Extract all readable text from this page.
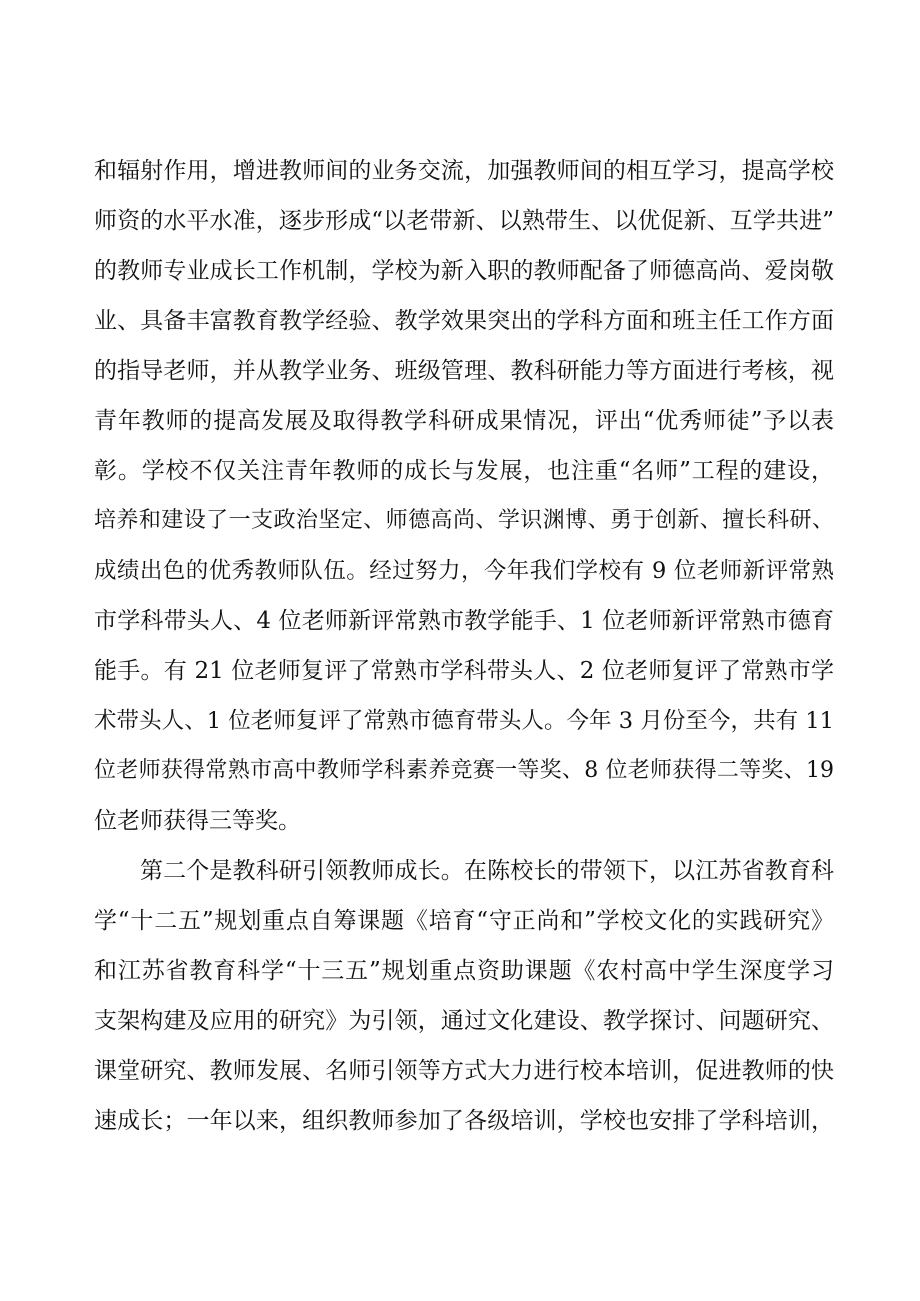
和辐射作用，增进教师间的业务交流，加强教师间的相互学习，提高学校
师资的水平水准，逐步形成“以老带新、以熟带生、以优促新、互学共进”
的教师专业成长工作机制，学校为新入职的教师配备了师德高尚、爱岗敬
业、具备丰富教育教学经验、教学效果突出的学科方面和班主任工作方面
的指导老师，并从教学业务、班级管理、教科研能力等方面进行考核，视
青年教师的提高发展及取得教学科研成果情况，评出“优秀师徒”予以表
彰。学校不仅关注青年教师的成长与发展，也注重“名师”工程的建设，
培养和建设了一支政治坚定、师德高尚、学识渊博、勇于创新、擅长科研、
成绩出色的优秀教师队伍。经过努力，今年我们学校有 9 位老师新评常熟
市学科带头人、4 位老师新评常熟市教学能手、1 位老师新评常熟市德育
能手。有 21 位老师复评了常熟市学科带头人、2 位老师复评了常熟市学
术带头人、1 位老师复评了常熟市德育带头人。今年 3 月份至今，共有 11
位老师获得常熟市高中教师学科素养竞赛一等奖、8 位老师获得二等奖、19
位老师获得三等奖。
第二个是教科研引领教师成长。在陈校长的带领下，以江苏省教育科
学“十二五”规划重点自筹课题《培育“守正尚和”学校文化的实践研究》
和江苏省教育科学“十三五”规划重点资助课题《农村高中学生深度学习
支架构建及应用的研究》为引领，通过文化建设、教学探讨、问题研究、
课堂研究、教师发展、名师引领等方式大力进行校本培训，促进教师的快
速成长；一年以来，组织教师参加了各级培训，学校也安排了学科培训，
